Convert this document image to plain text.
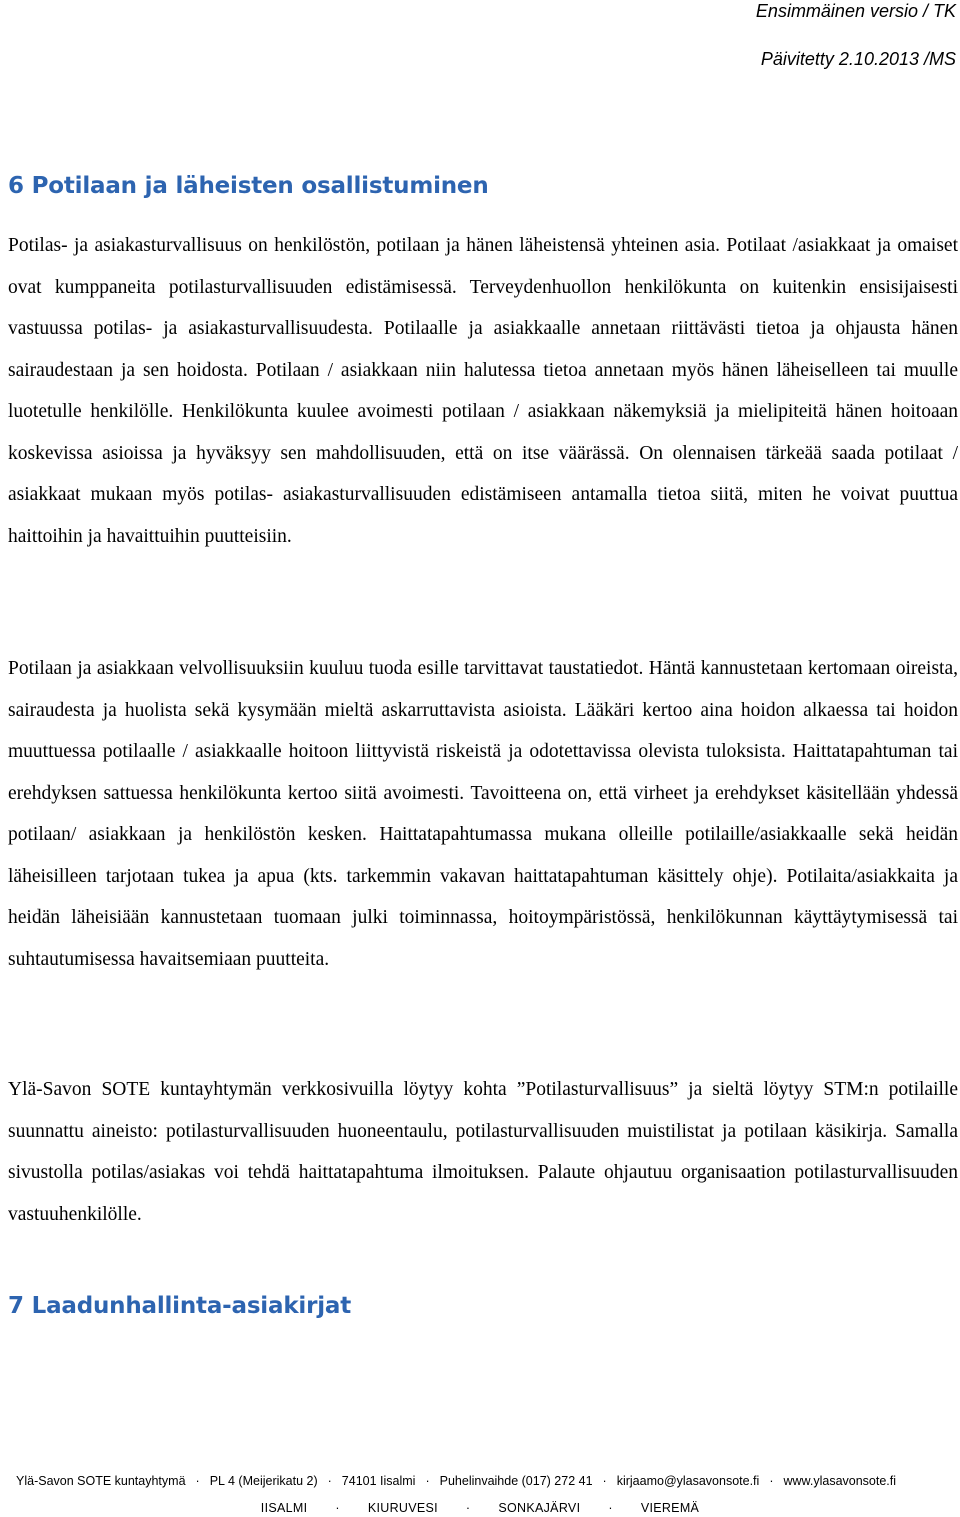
Ensimmäinen versio / TK
Päivitetty 2.10.2013 /MS
6 Potilaan ja läheisten osallistuminen

Potilas- ja asiakasturvallisuus on henkilöstön, potilaan ja hänen läheistensä yhteinen asia. Potilaat /asiakkaat ja omaiset ovat kumppaneita potilasturvallisuuden edistämisessä. Terveydenhuollon henkilökunta on kuitenkin ensisijaisesti vastuussa potilas- ja asiakasturvallisuudesta. Potilaalle ja asiakkaalle annetaan riittävästi tietoa ja ohjausta hänen sairaudestaan ja sen hoidosta. Potilaan / asiakkaan niin halutessa tietoa annetaan myös hänen läheiselleen tai muulle luotetulle henkilölle. Henkilökunta kuulee avoimesti potilaan / asiakkaan näkemyksiä ja mielipiteitä hänen hoitoaan koskevissa asioissa ja hyväksyy sen mahdollisuuden, että on itse väärässä. On olennaisen tärkeää saada potilaat / asiakkaat mukaan myös potilas- asiakasturvallisuuden edistämiseen antamalla tietoa siitä, miten he voivat puuttua haittoihin ja havaittuihin puutteisiin.

Potilaan ja asiakkaan velvollisuuksiin kuuluu tuoda esille tarvittavat taustatiedot. Häntä kannustetaan kertomaan oireista, sairaudesta ja huolista sekä kysymään mieltä askarruttavista asioista. Lääkäri kertoo aina hoidon alkaessa tai hoidon muuttuessa potilaalle / asiakkaalle hoitoon liittyvistä riskeistä ja odotettavissa olevista tuloksista. Haittatapahtuman tai erehdyksen sattuessa henkilökunta kertoo siitä avoimesti. Tavoitteena on, että virheet ja erehdykset käsitellään yhdessä potilaan/ asiakkaan ja henkilöstön kesken. Haittatapahtumassa mukana olleille potilaille/asiakkaalle sekä heidän läheisilleen tarjotaan tukea ja apua (kts. tarkemmin vakavan haittatapahtuman käsittely ohje). Potilaita/asiakkaita ja heidän läheisiään kannustetaan tuomaan julki toiminnassa, hoitoympäristössä, henkilökunnan käyttäytymisessä tai suhtautumisessa havaitsemiaan puutteita.

Ylä-Savon SOTE kuntayhtymän verkkosivuilla löytyy kohta ”Potilasturvallisuus” ja sieltä löytyy STM:n potilaille suunnattu aineisto: potilasturvallisuuden huoneentaulu, potilasturvallisuuden muistilistat ja potilaan käsikirja. Samalla sivustolla potilas/asiakas voi tehdä haittatapahtuma ilmoituksen. Palaute ohjautuu organisaation potilasturvallisuuden vastuuhenkilölle.

7 Laadunhallinta-asiakirjat
Ylä-Savon SOTE kuntayhtymä · PL 4 (Meijerikatu 2) · 74101 Iisalmi · Puhelinvaihde (017) 272 41 · kirjaamo@ylasavonsote.fi · www.ylasavonsote.fi
IISALMI · KIURUVESI · SONKAJÄRVI · VIEREMÄ
